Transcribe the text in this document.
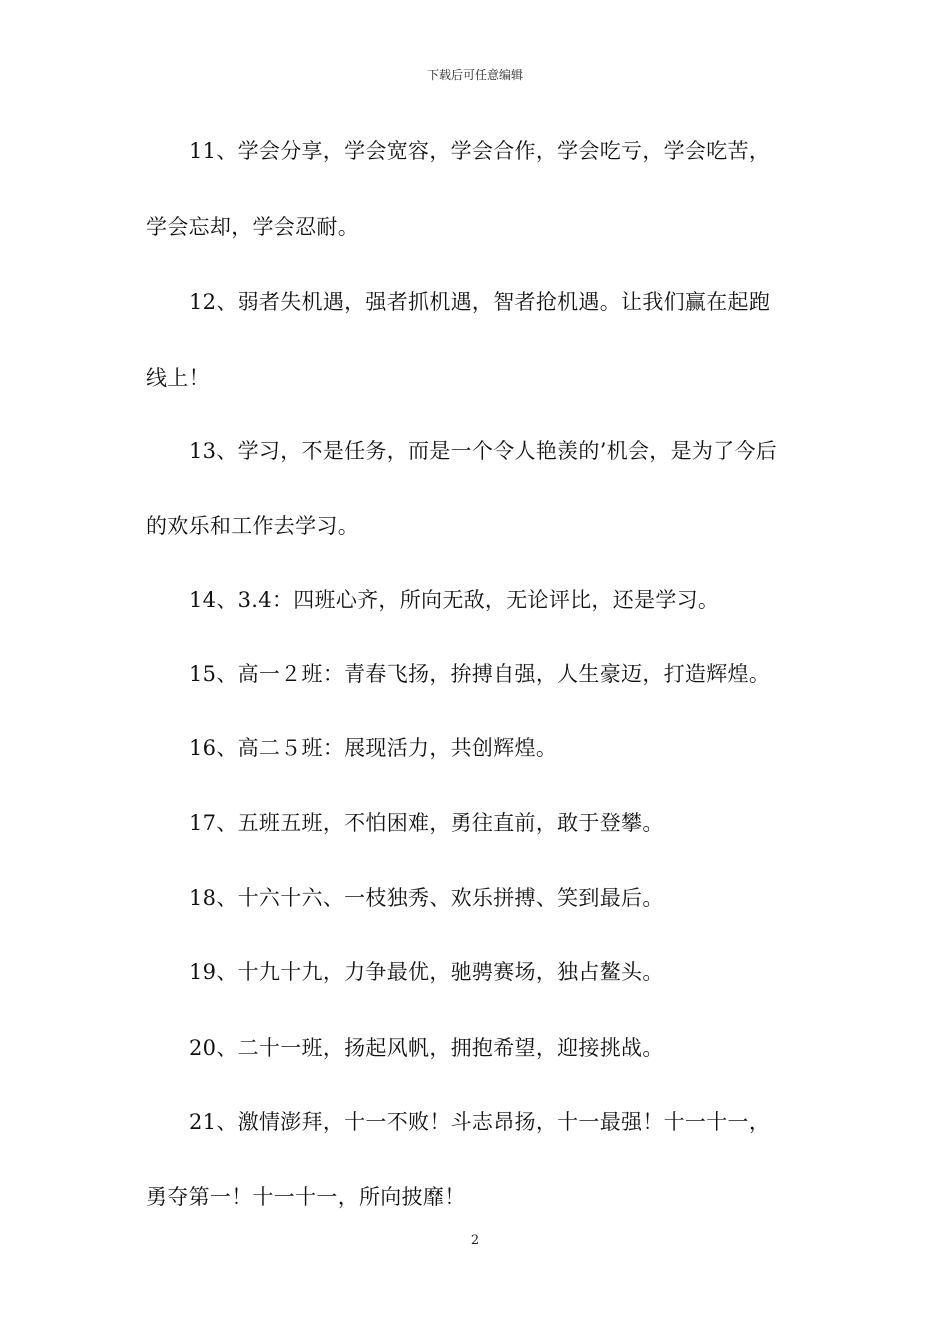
下载后可任意编辑
11、学会分享，学会宽容，学会合作，学会吃亏，学会吃苦，
学会忘却，学会忍耐。
12、弱者失机遇，强者抓机遇，智者抢机遇。让我们赢在起跑
线上！
13、学习，不是任务，而是一个令人艳羡的’机会，是为了今后
的欢乐和工作去学习。
14、3.4：四班心齐，所向无敌，无论评比，还是学习。
15、高一２班：青春飞扬，拚搏自强，人生豪迈，打造辉煌。
16、高二５班：展现活力，共创辉煌。
17、五班五班，不怕困难，勇往直前，敢于登攀。
18、十六十六、一枝独秀、欢乐拼搏、笑到最后。
19、十九十九，力争最优，驰骋赛场，独占鳌头。
20、二十一班，扬起风帆，拥抱希望，迎接挑战。
21、激情澎拜，十一不败！斗志昂扬，十一最强！十一十一，
勇夺第一！十一十一，所向披靡！
2
